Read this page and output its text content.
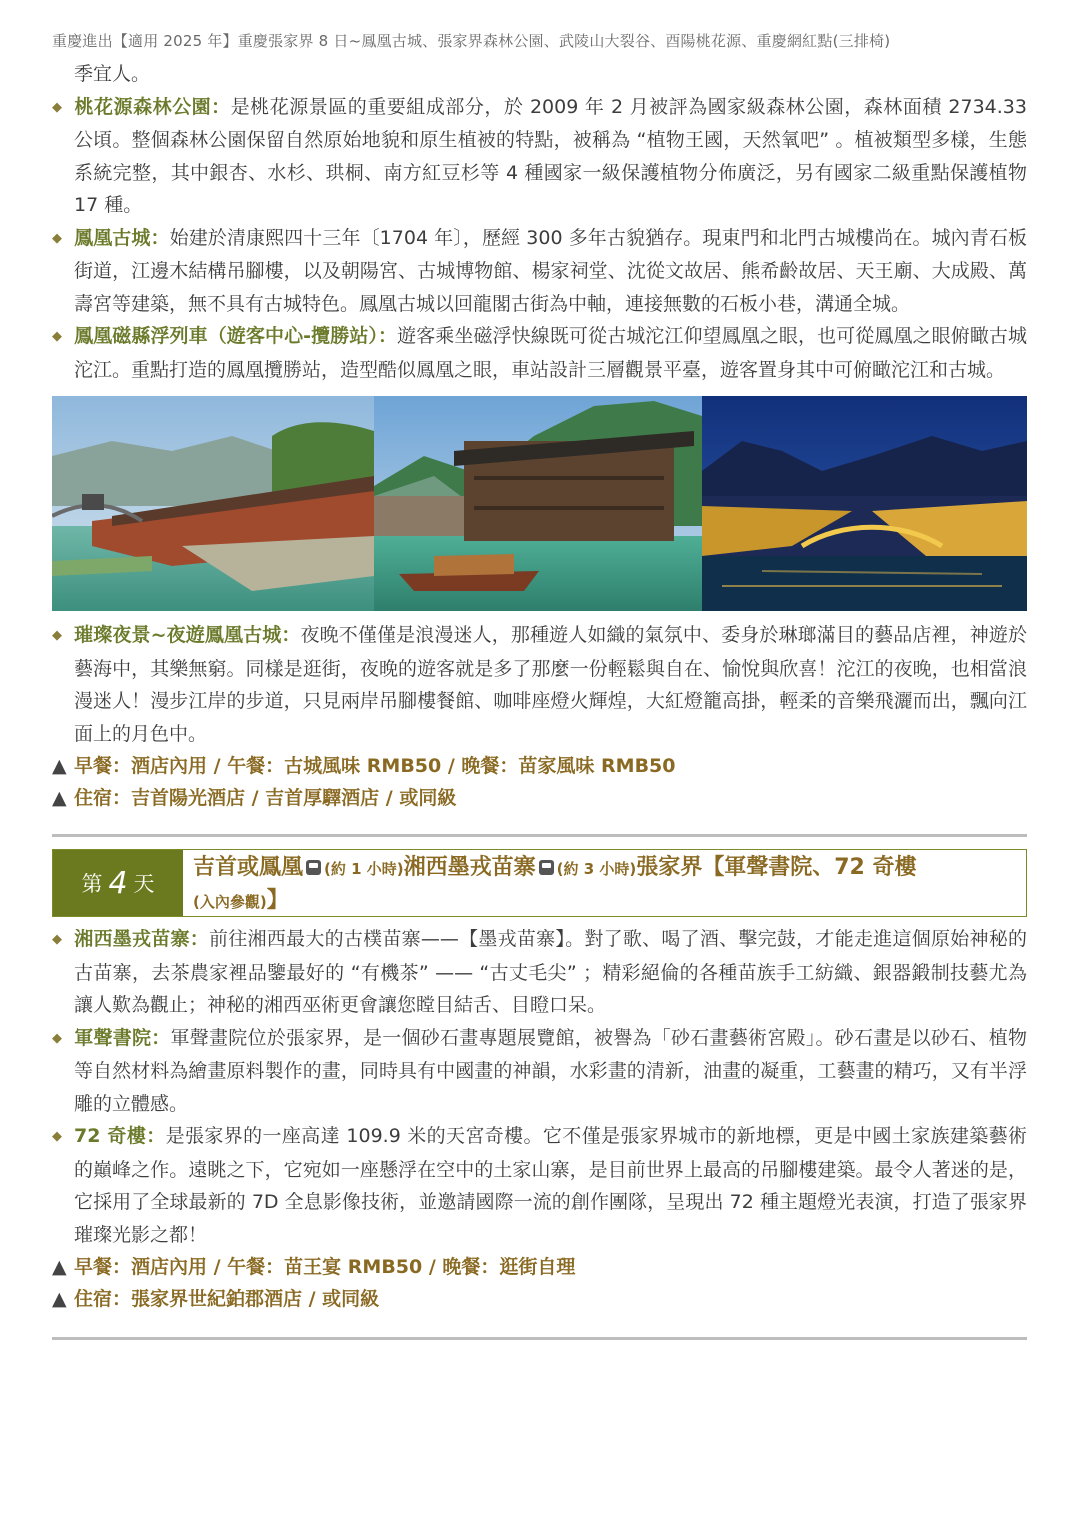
重慶進出【適用 2025 年】重慶張家界 8 日~鳳凰古城、張家界森林公園、武陵山大裂谷、酉陽桃花源、重慶網紅點(三排椅)

季宜人。

◆ 桃花源森林公園：是桃花源景區的重要組成部分，於 2009 年 2 月被評為國家級森林公園，森林面積 2734.33 公頃。整個森林公園保留自然原始地貌和原生植被的特點，被稱為 “植物王國，天然氧吧” 。植被類型多樣，生態系統完整，其中銀杏、水杉、珙桐、南方紅豆杉等 4 種國家一級保護植物分佈廣泛，另有國家二級重點保護植物 17 種。

◆ 鳳凰古城：始建於清康熙四十三年〔1704 年〕，歷經 300 多年古貌猶存。現東門和北門古城樓尚在。城內青石板街道，江邊木結構吊腳樓，以及朝陽宮、古城博物館、楊家祠堂、沈從文故居、熊希齡故居、天王廟、大成殿、萬壽宮等建築，無不具有古城特色。鳳凰古城以回龍閣古街為中軸，連接無數的石板小巷，溝通全城。

◆ 鳳凰磁縣浮列車（遊客中心-攬勝站）：遊客乘坐磁浮快線既可從古城沱江仰望鳳凰之眼，也可從鳳凰之眼俯瞰古城沱江。重點打造的鳳凰攬勝站，造型酷似鳳凰之眼，車站設計三層觀景平臺，遊客置身其中可俯瞰沱江和古城。

◆ 璀璨夜景~夜遊鳳凰古城：夜晚不僅僅是浪漫迷人，那種遊人如織的氣氛中、委身於琳瑯滿目的藝品店裡，神遊於藝海中，其樂無窮。同樣是逛街，夜晚的遊客就是多了那麼一份輕鬆與自在、愉悅與欣喜！沱江的夜晚，也相當浪漫迷人！漫步江岸的步道，只見兩岸吊腳樓餐館、咖啡座燈火輝煌，大紅燈籠高掛，輕柔的音樂飛灑而出，飄向江面上的月色中。

▲ 早餐：酒店內用 / 午餐：古城風味 RMB50 / 晚餐：苗家風味 RMB50

▲ 住宿：吉首陽光酒店 / 吉首厚驛酒店 / 或同級

第 4 天
吉首或鳳凰 (約 1 小時)湘西墨戎苗寨 (約 3 小時)張家界【軍聲書院、72 奇樓
(入內參觀)】

◆ 湘西墨戎苗寨：前往湘西最大的古樸苗寨——【墨戎苗寨】。對了歌、喝了酒、擊完鼓，才能走進這個原始神秘的古苗寨，去茶農家裡品鑒最好的 “有機茶” —— “古丈毛尖” ；精彩絕倫的各種苗族手工紡織、銀器鍛制技藝尤為讓人歎為觀止；神秘的湘西巫術更會讓您瞠目結舌、目瞪口呆。

◆ 軍聲書院：軍聲畫院位於張家界，是一個砂石畫專題展覽館，被譽為「砂石畫藝術宮殿」。砂石畫是以砂石、植物等自然材料為繪畫原料製作的畫，同時具有中國畫的神韻，水彩畫的清新，油畫的凝重，工藝畫的精巧，又有半浮雕的立體感。

◆ 72 奇樓：是張家界的一座高達 109.9 米的天宮奇樓。它不僅是張家界城市的新地標，更是中國土家族建築藝術的巔峰之作。遠眺之下，它宛如一座懸浮在空中的土家山寨，是目前世界上最高的吊腳樓建築。最令人著迷的是，它採用了全球最新的 7D 全息影像技術，並邀請國際一流的創作團隊，呈現出 72 種主題燈光表演，打造了張家界璀璨光影之都！

▲ 早餐：酒店內用 / 午餐：苗王宴 RMB50 / 晚餐：逛街自理

▲ 住宿：張家界世紀鉑郡酒店 / 或同級
